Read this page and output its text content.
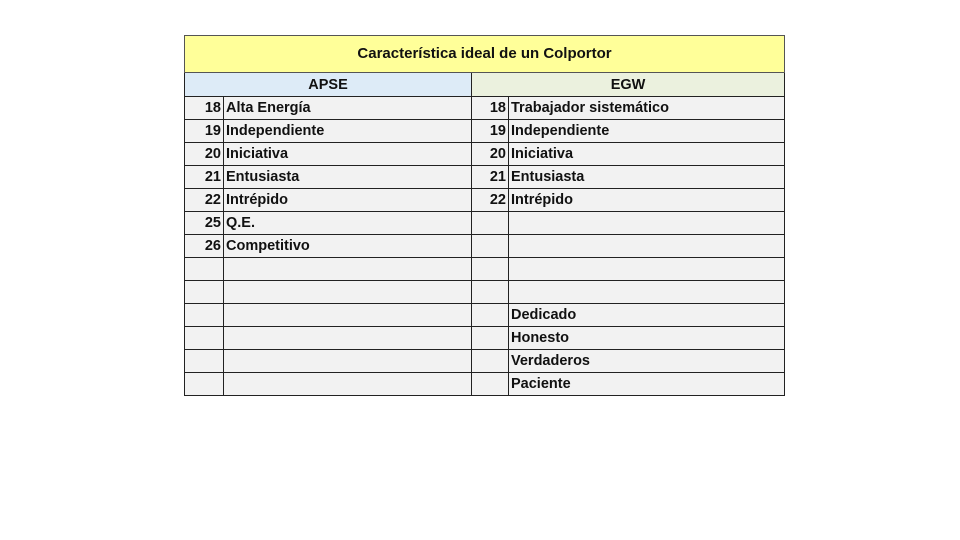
Característica ideal de un Colportor			
APSE		EGW	
18	Alta Energía	18	Trabajador sistemático
19	Independiente	19	Independiente
20	Iniciativa	20	Iniciativa
21	Entusiasta	21	Entusiasta
22	Intrépido	22	Intrépido
25	Q.E.		
26	Competitivo		

			Dedicado
			Honesto
			Verdaderos
			Paciente
